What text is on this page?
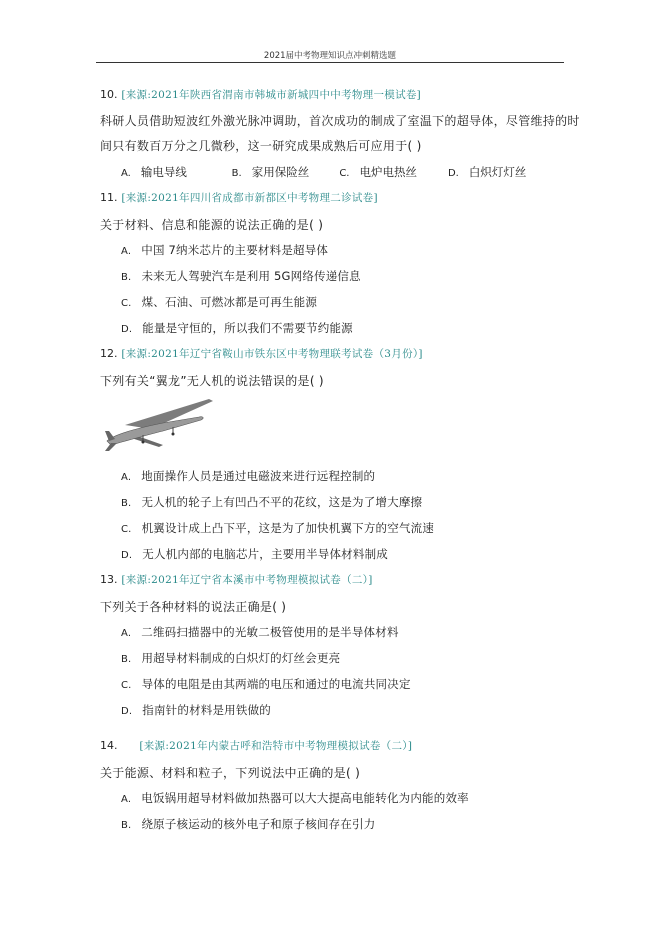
2021届中考物理知识点冲刺精选题
10. [来源:2021年陕西省渭南市韩城市新城四中中考物理一模试卷]
科研人员借助短波红外激光脉冲调助，首次成功的制成了室温下的超导体，尽管维持的时
间只有数百万分之几微秒，这一研究成果成熟后可应用于( )
A. 输电导线	B. 家用保险丝	C. 电炉电热丝	D. 白炽灯灯丝
11. [来源:2021年四川省成都市新都区中考物理二诊试卷]
关于材料、信息和能源的说法正确的是( )
A. 中国 7纳米芯片的主要材料是超导体
B. 未来无人驾驶汽车是利用 5G网络传递信息
C. 煤、石油、可燃冰都是可再生能源
D. 能量是守恒的，所以我们不需要节约能源
12. [来源:2021年辽宁省鞍山市铁东区中考物理联考试卷（3月份）]
下列有关“翼龙”无人机的说法错误的是( )
A. 地面操作人员是通过电磁波来进行远程控制的
B. 无人机的轮子上有凹凸不平的花纹，这是为了增大摩擦
C. 机翼设计成上凸下平，这是为了加快机翼下方的空气流速
D. 无人机内部的电脑芯片，主要用半导体材料制成
13. [来源:2021年辽宁省本溪市中考物理模拟试卷（二）]
下列关于各种材料的说法正确是( )
A. 二维码扫描器中的光敏二极管使用的是半导体材料
B. 用超导材料制成的白炽灯的灯丝会更亮
C. 导体的电阻是由其两端的电压和通过的电流共同决定
D. 指南针的材料是用铁做的
14. [来源:2021年内蒙古呼和浩特市中考物理模拟试卷（二）]
关于能源、材料和粒子，下列说法中正确的是( )
A. 电饭锅用超导材料做加热器可以大大提高电能转化为内能的效率
B. 绕原子核运动的核外电子和原子核间存在引力
